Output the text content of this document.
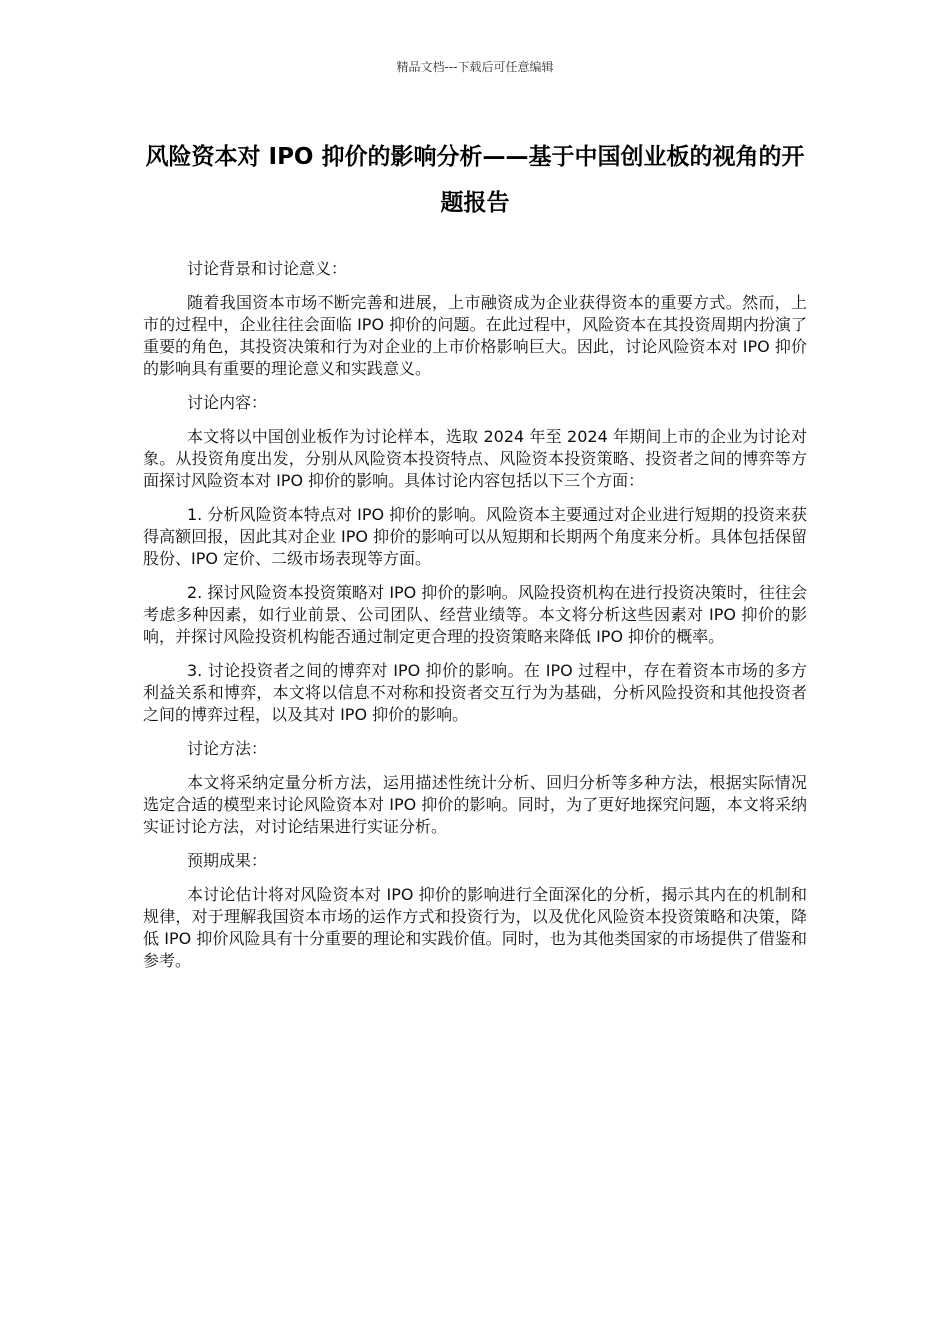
精品文档---下载后可任意编辑
风险资本对 IPO 抑价的影响分析——基于中国创业板的视角的开题报告

讨论背景和讨论意义：

随着我国资本市场不断完善和进展，上市融资成为企业获得资本的重要方式。然而，上市的过程中，企业往往会面临 IPO 抑价的问题。在此过程中，风险资本在其投资周期内扮演了重要的角色，其投资决策和行为对企业的上市价格影响巨大。因此，讨论风险资本对 IPO 抑价的影响具有重要的理论意义和实践意义。

讨论内容：

本文将以中国创业板作为讨论样本，选取 2024 年至 2024 年期间上市的企业为讨论对象。从投资角度出发，分别从风险资本投资特点、风险资本投资策略、投资者之间的博弈等方面探讨风险资本对 IPO 抑价的影响。具体讨论内容包括以下三个方面：

1. 分析风险资本特点对 IPO 抑价的影响。风险资本主要通过对企业进行短期的投资来获得高额回报，因此其对企业 IPO 抑价的影响可以从短期和长期两个角度来分析。具体包括保留股份、IPO 定价、二级市场表现等方面。

2. 探讨风险资本投资策略对 IPO 抑价的影响。风险投资机构在进行投资决策时，往往会考虑多种因素，如行业前景、公司团队、经营业绩等。本文将分析这些因素对 IPO 抑价的影响，并探讨风险投资机构能否通过制定更合理的投资策略来降低 IPO 抑价的概率。

3. 讨论投资者之间的博弈对 IPO 抑价的影响。在 IPO 过程中，存在着资本市场的多方利益关系和博弈，本文将以信息不对称和投资者交互行为为基础，分析风险投资和其他投资者之间的博弈过程，以及其对 IPO 抑价的影响。

讨论方法：

本文将采纳定量分析方法，运用描述性统计分析、回归分析等多种方法，根据实际情况选定合适的模型来讨论风险资本对 IPO 抑价的影响。同时，为了更好地探究问题，本文将采纳实证讨论方法，对讨论结果进行实证分析。

预期成果：

本讨论估计将对风险资本对 IPO 抑价的影响进行全面深化的分析，揭示其内在的机制和规律，对于理解我国资本市场的运作方式和投资行为，以及优化风险资本投资策略和决策，降低 IPO 抑价风险具有十分重要的理论和实践价值。同时，也为其他类国家的市场提供了借鉴和参考。
